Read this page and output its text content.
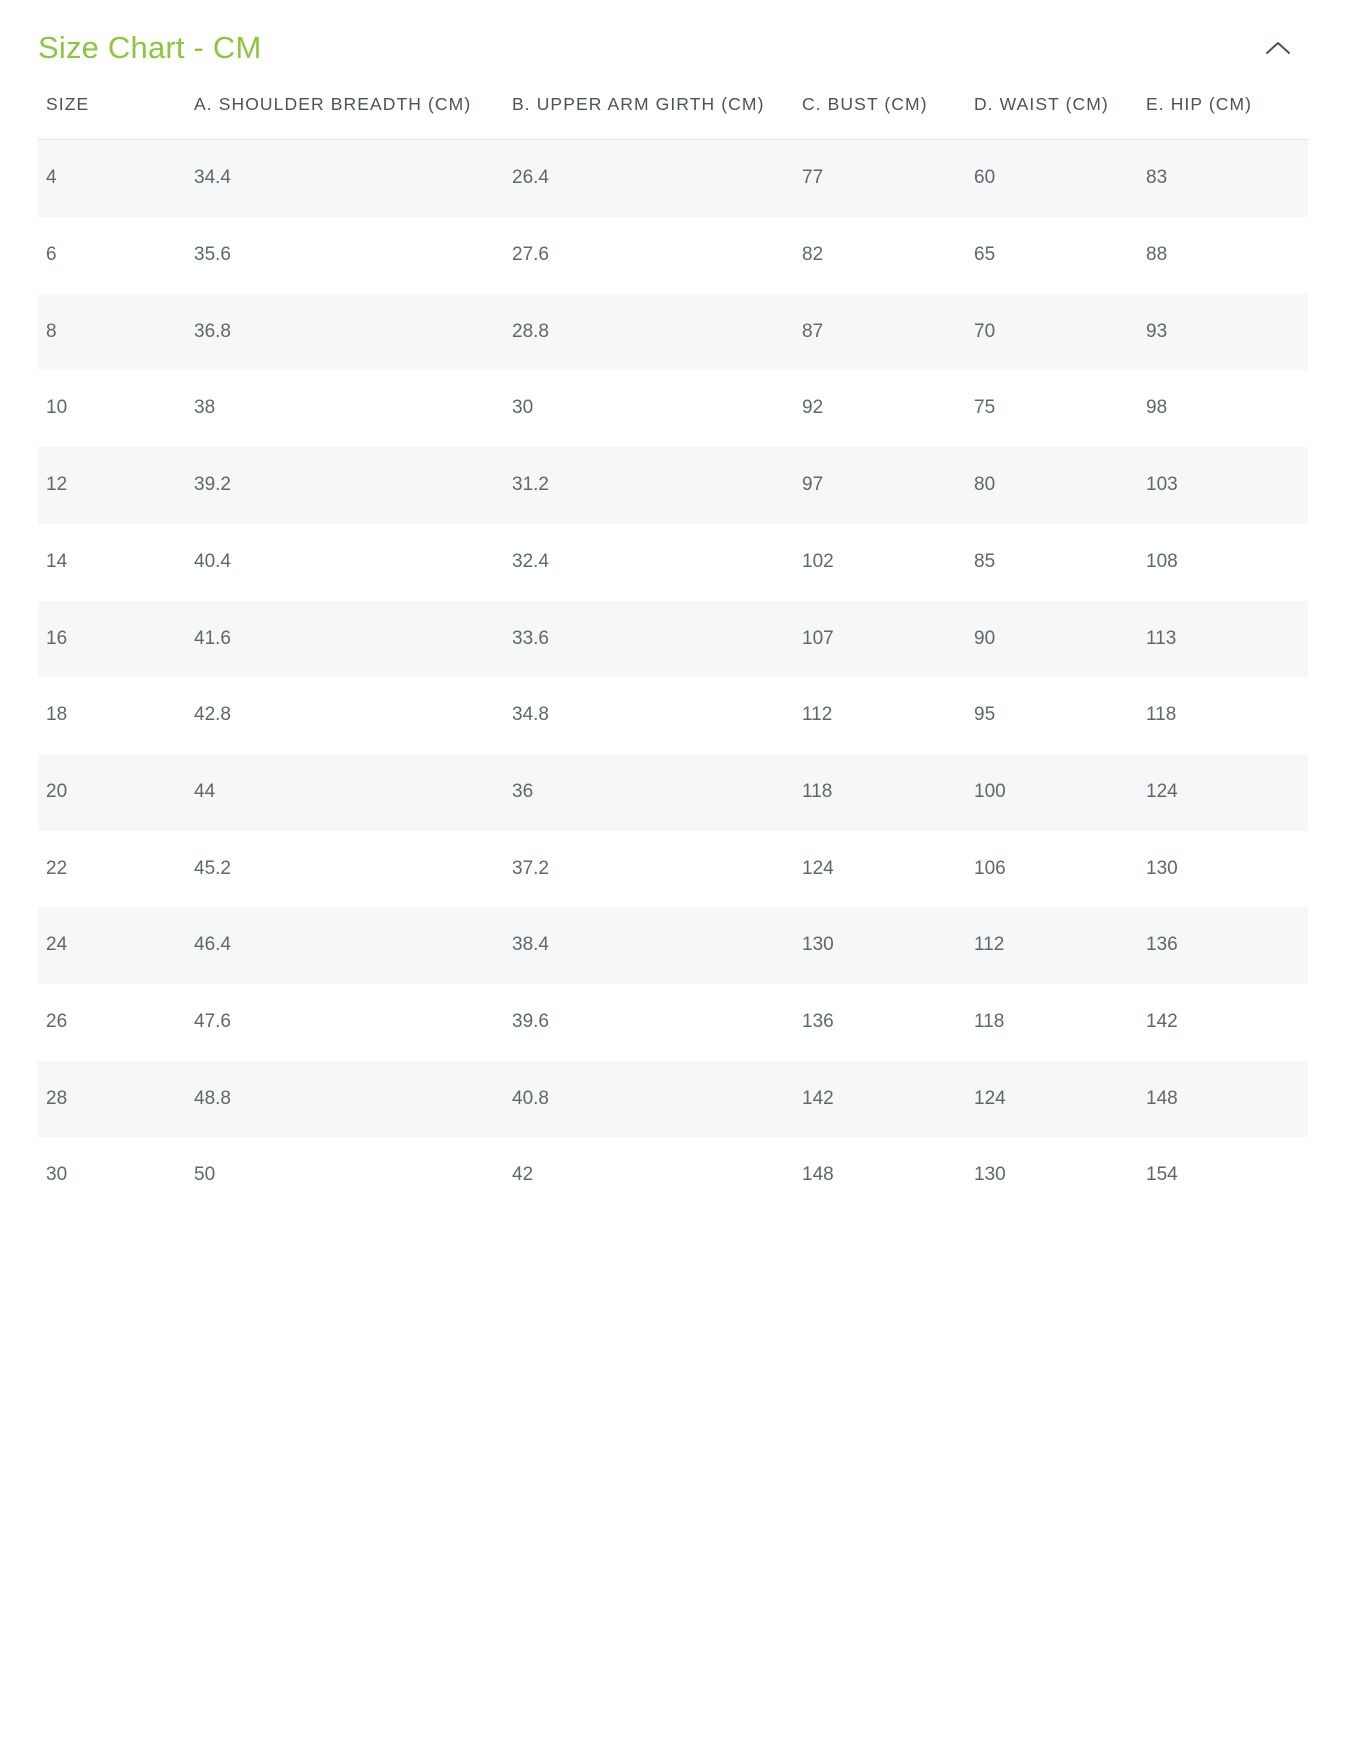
Size Chart - CM
SIZE	A. SHOULDER BREADTH (CM)	B. UPPER ARM GIRTH (CM)	C. BUST (CM)	D. WAIST (CM)	E. HIP (CM)
4	34.4	26.4	77	60	83
6	35.6	27.6	82	65	88
8	36.8	28.8	87	70	93
10	38	30	92	75	98
12	39.2	31.2	97	80	103
14	40.4	32.4	102	85	108
16	41.6	33.6	107	90	113
18	42.8	34.8	112	95	118
20	44	36	118	100	124
22	45.2	37.2	124	106	130
24	46.4	38.4	130	112	136
26	47.6	39.6	136	118	142
28	48.8	40.8	142	124	148
30	50	42	148	130	154
